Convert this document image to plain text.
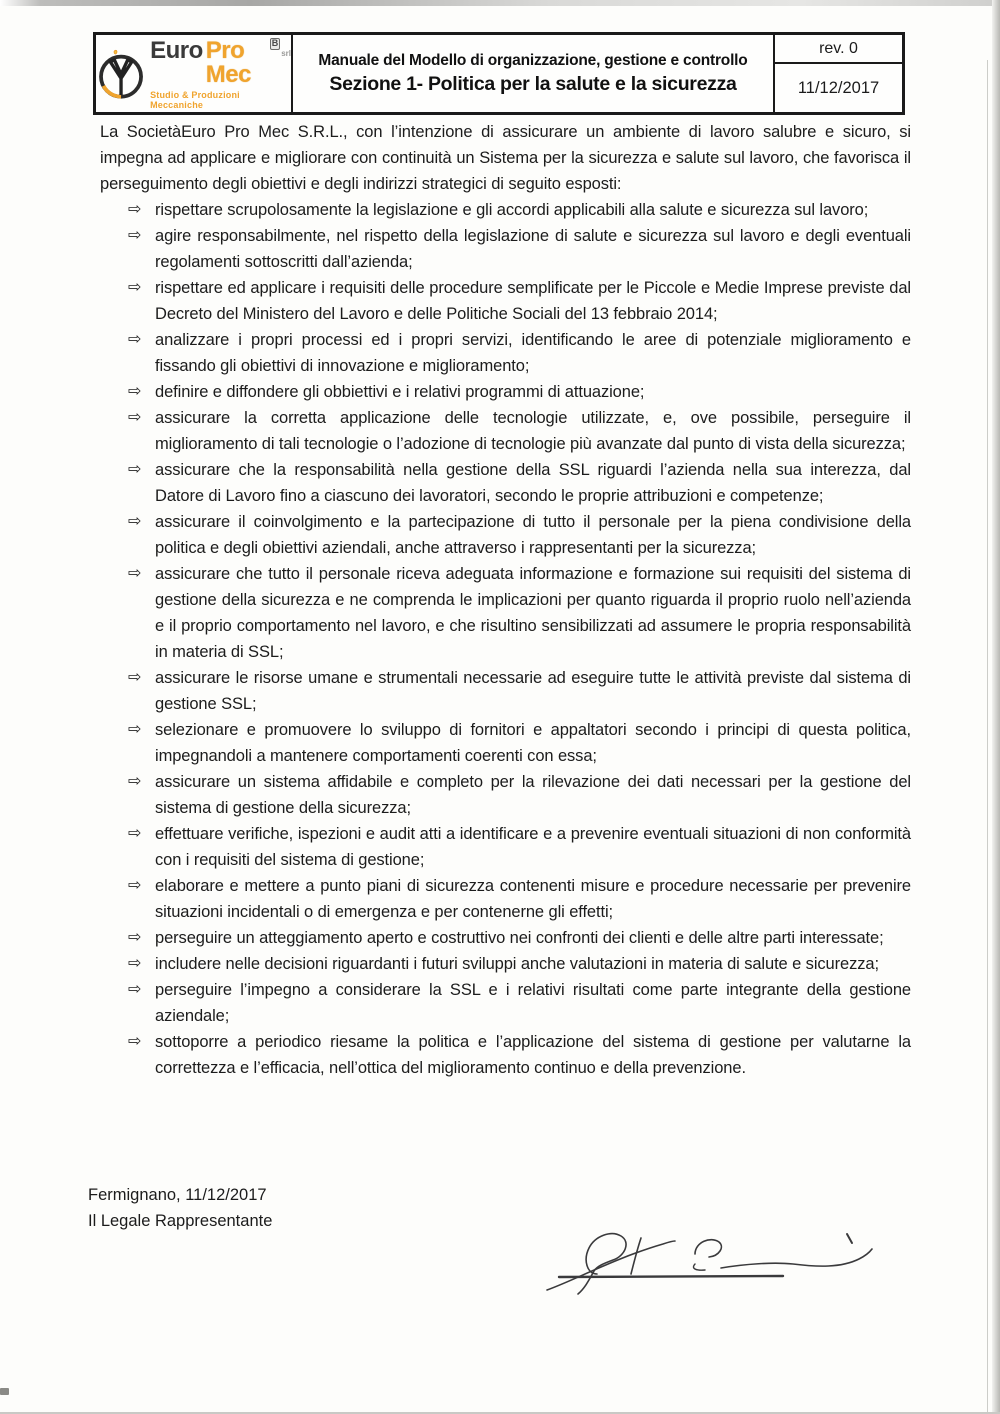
Euro Pro Mec
B
srl
Studio & Produzioni Meccaniche
Manuale del Modello di organizzazione, gestione e controllo
Sezione 1- Politica per la salute e la sicurezza
rev. 0
11/12/2017

La SocietàEuro Pro Mec S.R.L., con l’intenzione di assicurare un ambiente di lavoro salubre e sicuro, si impegna ad applicare e migliorare con continuità un Sistema per la sicurezza e salute sul lavoro, che favorisca il perseguimento degli obiettivi e degli indirizzi strategici di seguito esposti:

⇨ rispettare scrupolosamente la legislazione e gli accordi applicabili alla salute e sicurezza sul lavoro;
⇨ agire responsabilmente, nel rispetto della legislazione di salute e sicurezza sul lavoro e degli eventuali regolamenti sottoscritti dall’azienda;
⇨ rispettare ed applicare i requisiti delle procedure semplificate per le Piccole e Medie Imprese previste dal Decreto del Ministero del Lavoro e delle Politiche Sociali del 13 febbraio 2014;
⇨ analizzare i propri processi ed i propri servizi, identificando le aree di potenziale miglioramento e fissando gli obiettivi di innovazione e miglioramento;
⇨ definire e diffondere gli obbiettivi e i relativi programmi di attuazione;
⇨ assicurare la corretta applicazione delle tecnologie utilizzate, e, ove possibile, perseguire il miglioramento di tali tecnologie o l’adozione di tecnologie più avanzate dal punto di vista della sicurezza;
⇨ assicurare che la responsabilità nella gestione della SSL riguardi l’azienda nella sua interezza, dal Datore di Lavoro fino a ciascuno dei lavoratori, secondo le proprie attribuzioni e competenze;
⇨ assicurare il coinvolgimento e la partecipazione di tutto il personale per la piena condivisione della politica e degli obiettivi aziendali, anche attraverso i rappresentanti per la sicurezza;
⇨ assicurare che tutto il personale riceva adeguata informazione e formazione sui requisiti del sistema di gestione della sicurezza e ne comprenda le implicazioni per quanto riguarda il proprio ruolo nell’azienda e il proprio comportamento nel lavoro, e che risultino sensibilizzati ad assumere le propria responsabilità in materia di SSL;
⇨ assicurare le risorse umane e strumentali necessarie ad eseguire tutte le attività previste dal sistema di gestione SSL;
⇨ selezionare e promuovere lo sviluppo di fornitori e appaltatori secondo i principi di questa politica, impegnandoli a mantenere comportamenti coerenti con essa;
⇨ assicurare un sistema affidabile e completo per la rilevazione dei dati necessari per la gestione del sistema di gestione della sicurezza;
⇨ effettuare verifiche, ispezioni e audit atti a identificare e a prevenire eventuali situazioni di non conformità con i requisiti del sistema di gestione;
⇨ elaborare e mettere a punto piani di sicurezza contenenti misure e procedure necessarie per prevenire situazioni incidentali o di emergenza e per contenerne gli effetti;
⇨ perseguire un atteggiamento aperto e costruttivo nei confronti dei clienti e delle altre parti interessate;
⇨ includere nelle decisioni riguardanti i futuri sviluppi anche valutazioni in materia di salute e sicurezza;
⇨ perseguire l’impegno a considerare la SSL e i relativi risultati come parte integrante della gestione aziendale;
⇨ sottoporre a periodico riesame la politica e l’applicazione del sistema di gestione per valutarne la correttezza e l’efficacia, nell’ottica del miglioramento continuo e della prevenzione.
Fermignano, 11/12/2017
Il Legale Rappresentante
